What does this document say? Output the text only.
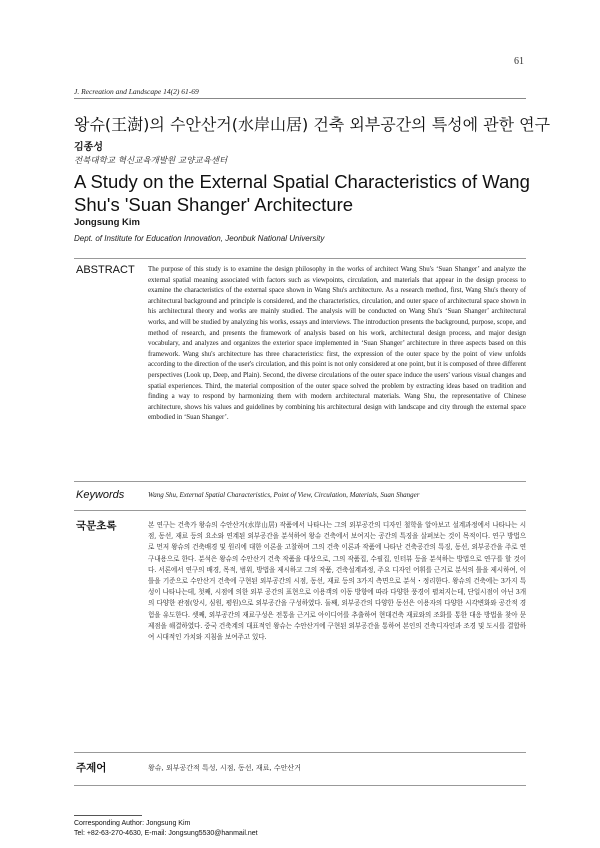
61
J. Recreation and Landscape 14(2) 61-69
왕슈(王澍)의 수안산거(水岸山居) 건축 외부공간의 특성에 관한 연구
김종성
전북대학교 혁신교육개발원 교양교육센터
A Study on the External Spatial Characteristics of Wang Shu's 'Suan Shanger' Architecture
Jongsung Kim
Dept. of Institute for Education Innovation, Jeonbuk National University
ABSTRACT The purpose of this study is to examine the design philosophy in the works of architect Wang Shu's ‘Suan Shanger’ and analyze the external spatial meaning associated with factors such as viewpoints, circulation, and materials that appear in the design process to examine the characteristics of the external space shown in Wang Shu's architecture. As a research method, first, Wang Shu's theory of architectural background and principle is considered, and the characteristics, circulation, and outer space of architectural space shown in his architectural theory and works are mainly studied. The analysis will be conducted on Wang Shu's ‘Suan Shanger’ architectural works, and will be studied by analyzing his works, essays and interviews. The introduction presents the background, purpose, scope, and method of research, and presents the framework of analysis based on his work, architectural design process, and major design vocabulary, and analyzes and organizes the exterior space implemented in ‘Suan Shanger’ architecture in three aspects based on this framework. Wang shu's architecture has three characteristics: first, the expression of the outer space by the point of view unfolds according to the direction of the user's circulation, and this point is not only considered at one point, but it is composed of three different perspectives (Look up, Deep, and Plain). Second, the diverse circulations of the outer space induce the users' various visual changes and spatial experiences. Third, the material composition of the outer space solved the problem by extracting ideas based on tradition and finding a way to respond by harmonizing them with modern architectural materials. Wang Shu, the representative of Chinese architecture, shows his values and guidelines by combining his architectural design with landscape and city through the external space embodied in ‘Suan Shanger’.
Keywords	Wang Shu, External Spatial Characteristics, Point of View, Circulation, Materials, Suan Shanger
국문초록	본 연구는 건축가 왕슈의 수안산거(水岸山居) 작품에서 나타나는 그의 외부공간의 디자인 철학을 알아보고 설계과정에서 나타나는 시점, 동선, 재료 등의 요소와 연계된 외부공간을 분석하여 왕슈 건축에서 보여지는 공간의 특징을 살펴보는 것이 목적이다. 연구 방법으로 먼저 왕슈의 건축배경 및 원리에 대한 이론을 고찰하며 그의 건축 이론과 작품에 나타난 건축공간의 특징, 동선, 외부공간을 주로 연구내용으로 한다. 분석은 왕슈의 수안산거 건축 작품을 대상으로, 그의 작품집, 수필집, 인터뷰 등을 분석하는 방법으로 연구를 할 것이다. 서론에서 연구의 배경, 목적, 범위, 방법을 제시하고 그의 작품, 건축설계과정, 주요 디자인 어휘를 근거로 분석의 틀을 제시하여, 이 틀을 기준으로 수안산거 건축에 구현된 외부공간의 시점, 동선, 재료 등의 3가지 측면으로 분석・정리한다. 왕슈의 건축에는 3가지 특성이 나타나는데, 첫째, 시점에 의한 외부 공간의 표현으로 이용객의 이동 방향에 따라 다양한 풍경이 펼쳐지는데, 단일시점이 아닌 3개의 다양한 관점(앙시, 심원, 평원)으로 외부공간을 구성하였다. 둘째, 외부공간의 다양한 동선은 이용자의 다양한 시각변화와 공간적 경험을 유도한다. 셋째, 외부공간의 재료구성은 전통을 근거로 아이디어를 추출하여 현대건축 재료와의 조화를 통한 대응 방법을 찾아 문제점을 해결하였다. 중국 건축계의 대표적인 왕슈는 수안산거에 구현된 외부공간을 통하여 본인의 건축디자인과 조경 및 도시를 결합하여 시대적인 가치와 지침을 보여주고 있다.
주제어	왕슈, 외부공간적 특성, 시점, 동선, 재료, 수안산거
Corresponding Author: Jongsung Kim
Tel: +82-63-270-4630, E-mail: Jongsung5530@hanmail.net
